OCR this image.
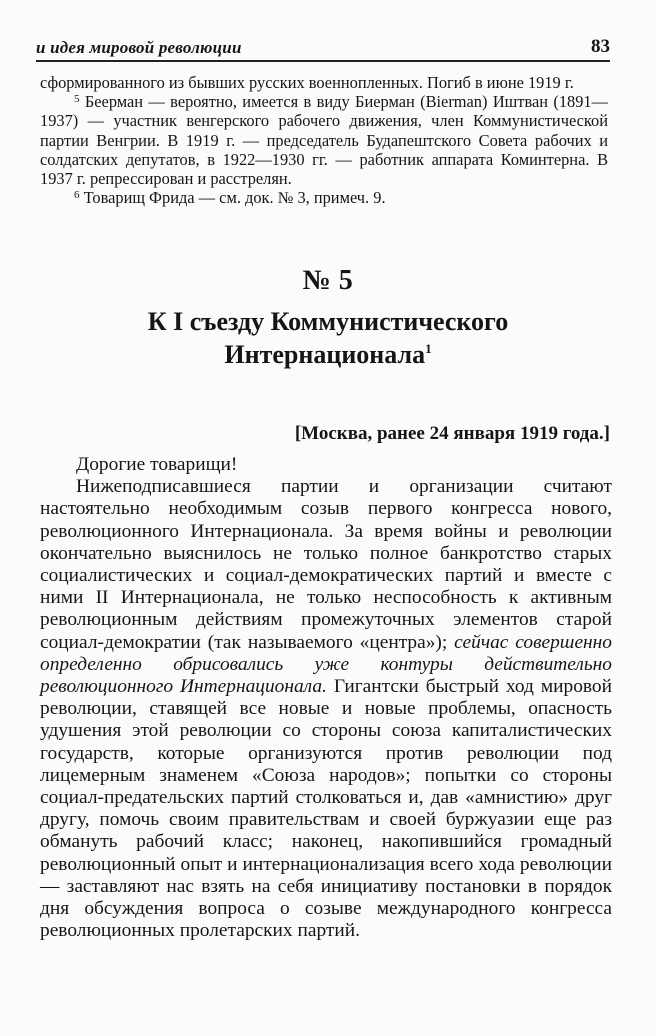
и идея мировой революции	83

сформированного из бывших русских военнопленных. Погиб в июне 1919 г.

$^5$ Беерман — вероятно, имеется в виду Биерман (Bierman) Иштван (1891—1937) — участник венгерского рабочего движения, член Коммунистической партии Венгрии. В 1919 г. — председатель Будапештского Совета рабочих и солдатских депутатов, в 1922—1930 гг. — работник аппарата Коминтерна. В 1937 г. репрессирован и расстрелян.

$^6$ Товарищ Фрида — см. док. № 3, примеч. 9.

№ 5
К I съезду Коммунистического Интернационала$^1$
[Москва, ранее 24 января 1919 года.]

Дорогие товарищи!

Нижеподписавшиеся партии и организации считают настоятельно необходимым созыв первого конгресса нового, революционного Интернационала. За время войны и революции окончательно выяснилось не только полное банкротство старых социалистических и социал-демократических партий и вместе с ними II Интернационала, не только неспособность к активным революционным действиям промежуточных элементов старой социал-демократии (так называемого «центра»); сейчас совершенно определенно обрисовались уже контуры действительно революционного Интернационала. Гигантски быстрый ход мировой революции, ставящей все новые и новые проблемы, опасность удушения этой революции со стороны союза капиталистических государств, которые организуются против революции под лицемерным знаменем «Союза народов»; попытки со стороны социал-предательских партий столковаться и, дав «амнистию» друг другу, помочь своим правительствам и своей буржуазии еще раз обмануть рабочий класс; наконец, накопившийся громадный революционный опыт и интернационализация всего хода революции — заставляют нас взять на себя инициативу постановки в порядок дня обсуждения вопроса о созыве международного конгресса революционных пролетарских партий.
